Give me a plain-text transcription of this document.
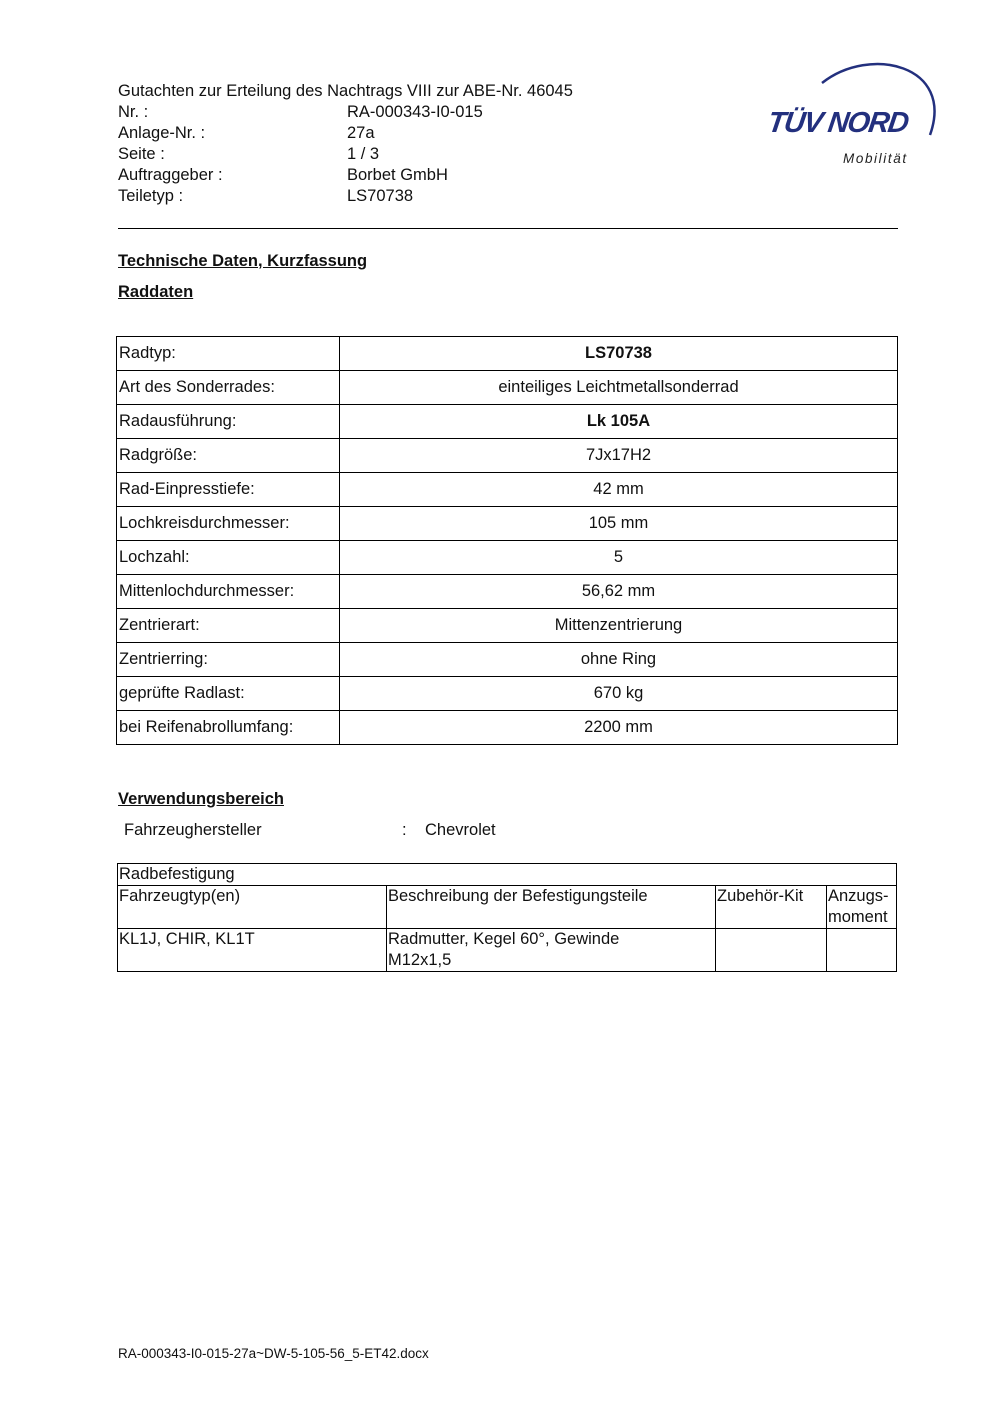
Gutachten zur Erteilung des Nachtrags VIII zur ABE-Nr. 46045
Nr. :	RA-000343-I0-015
Anlage-Nr. :	27a
Seite :	1 / 3
Auftraggeber :	Borbet GmbH
Teiletyp :	LS70738
TÜV NORD
Mobilität
Technische Daten, Kurzfassung
Raddaten
Radtyp:	LS70738
Art des Sonderrades:	einteiliges Leichtmetallsonderrad
Radausführung:	Lk 105A
Radgröße:	7Jx17H2
Rad-Einpresstiefe:	42 mm
Lochkreisdurchmesser:	105 mm
Lochzahl:	5
Mittenlochdurchmesser:	56,62 mm
Zentrierart:	Mittenzentrierung
Zentrierring:	ohne Ring
geprüfte Radlast:	670 kg
bei Reifenabrollumfang:	2200 mm
Verwendungsbereich
Fahrzeughersteller	: Chevrolet
Radbefestigung			
Fahrzeugtyp(en)	Beschreibung der Befestigungsteile	Zubehör-Kit	Anzugs-
moment
KL1J, CHIR, KL1T	Radmutter, Kegel 60°, Gewinde
M12x1,5		
RA-000343-I0-015-27a~DW-5-105-56_5-ET42.docx
